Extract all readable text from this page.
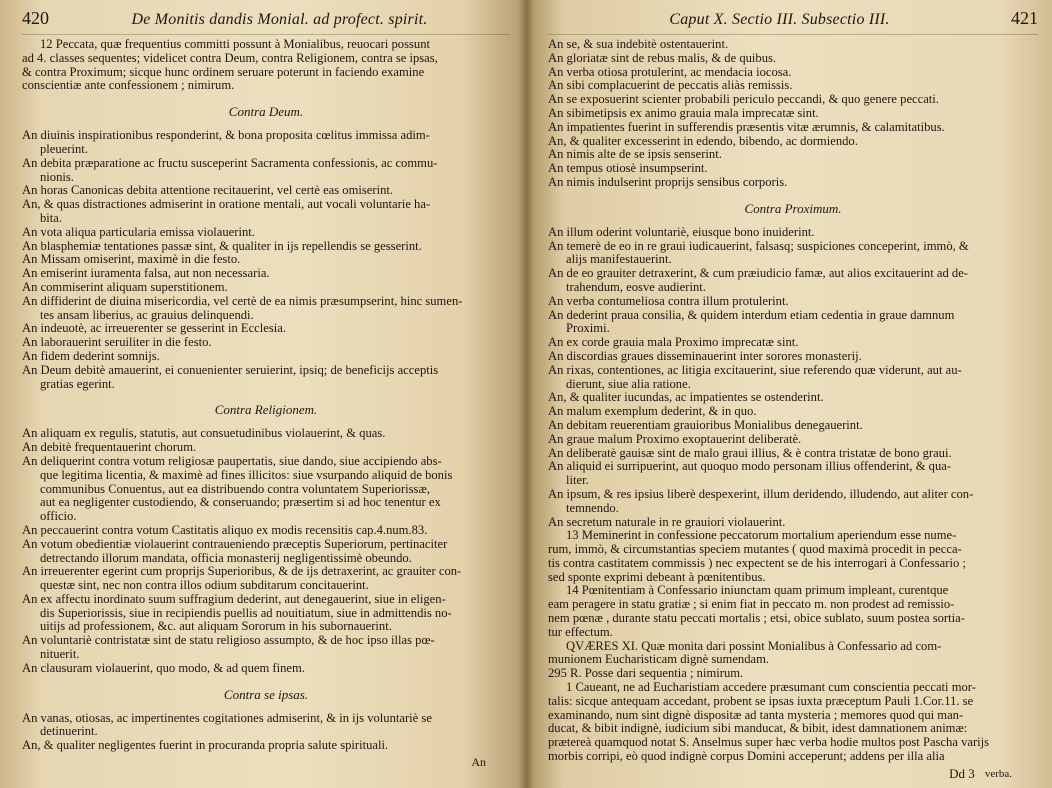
420	De Monitis dandis Monial. ad profect. spirit.
12 Peccata, quæ frequentius committi possunt à Monialibus, reuocari possunt
ad 4. classes sequentes; videlicet contra Deum, contra Religionem, contra se ipsas,
& contra Proximum; sicque hunc ordinem seruare poterunt in faciendo examine
conscientiæ ante confessionem ; nimirum.
Contra Deum.
An diuinis inspirationibus responderint, & bona proposita cœlitus immissa adim-
pleuerint.
An debita præparatione ac fructu susceperint Sacramenta confessionis, ac commu-
nionis.
An horas Canonicas debita attentione recitauerint, vel certè eas omiserint.
An, & quas distractiones admiserint in oratione mentali, aut vocali voluntarie ha-
bita.
An vota aliqua particularia emissa violauerint.
An blasphemiæ tentationes passæ sint, & qualiter in ijs repellendis se gesserint.
An Missam omiserint, maximè in die festo.
An emiserint iuramenta falsa, aut non necessaria.
An commiserint aliquam superstitionem.
An diffiderint de diuina misericordia, vel certè de ea nimis præsumpserint, hinc sumen-
tes ansam liberius, ac grauius delinquendi.
An indeuotè, ac irreuerenter se gesserint in Ecclesia.
An laborauerint seruiliter in die festo.
An fidem dederint somnijs.
An Deum debitè amauerint, ei conuenienter seruierint, ipsiq; de beneficijs acceptis
gratias egerint.
Contra Religionem.
An aliquam ex regulis, statutis, aut consuetudinibus violauerint, & quas.
An debitè frequentauerint chorum.
An deliquerint contra votum religiosæ paupertatis, siue dando, siue accipiendo abs-
que legitima licentia, & maximè ad fines illicitos: siue vsurpando aliquid de bonis
communibus Conuentus, aut ea distribuendo contra voluntatem Superiorissæ,
aut ea negligenter custodiendo, & conseruando; præsertim si ad hoc tenentur ex
officio.
An peccauerint contra votum Castitatis aliquo ex modis recensitis cap.4.num.83.
An votum obedientiæ violauerint contraueniendo præceptis Superiorum, pertinaciter
detrectando illorum mandata, officia monasterij negligentissimè obeundo.
An irreuerenter egerint cum proprijs Superioribus, & de ijs detraxerint, ac grauiter con-
questæ sint, nec non contra illos odium subditarum concitauerint.
An ex affectu inordinato suum suffragium dederint, aut denegauerint, siue in eligen-
dis Superiorissis, siue in recipiendis puellis ad nouitiatum, siue in admittendis no-
uitijs ad professionem, &c. aut aliquam Sororum in his subornauerint.
An voluntariè contristatæ sint de statu religioso assumpto, & de hoc ipso illas pœ-
nituerit.
An clausuram violauerint, quo modo, & ad quem finem.
Contra se ipsas.
An vanas, otiosas, ac impertinentes cogitationes admiserint, & in ijs voluntariè se
detinuerint.
An, & qualiter negligentes fuerint in procuranda propria salute spirituali.
An
Caput X. Sectio III. Subsectio III.	421
An se, & sua indebitè ostentauerint.
An gloriatæ sint de rebus malis, & de quibus.
An verba otiosa protulerint, ac mendacia iocosa.
An sibi complacuerint de peccatis aliàs remissis.
An se exposuerint scienter probabili periculo peccandi, & quo genere peccati.
An sibimetipsis ex animo grauia mala imprecatæ sint.
An impatientes fuerint in sufferendis præsentis vitæ ærumnis, & calamitatibus.
An, & qualiter excesserint in edendo, bibendo, ac dormiendo.
An nimis alte de se ipsis senserint.
An tempus otiosè insumpserint.
An nimis indulserint proprijs sensibus corporis.
Contra Proximum.
An illum oderint voluntariè, eiusque bono inuiderint.
An temerè de eo in re graui iudicauerint, falsasq; suspiciones conceperint, immò, &
alijs manifestauerint.
An de eo grauiter detraxerint, & cum præiudicio famæ, aut alios excitauerint ad de-
trahendum, eosve audierint.
An verba contumeliosa contra illum protulerint.
An dederint praua consilia, & quidem interdum etiam cedentia in graue damnum
Proximi.
An ex corde grauia mala Proximo imprecatæ sint.
An discordias graues disseminauerint inter sorores monasterij.
An rixas, contentiones, ac litigia excitauerint, siue referendo quæ viderunt, aut au-
dierunt, siue alia ratione.
An, & qualiter iucundas, ac impatientes se ostenderint.
An malum exemplum dederint, & in quo.
An debitam reuerentiam grauioribus Monialibus denegauerint.
An graue malum Proximo exoptauerint deliberatè.
An deliberatè gauisæ sint de malo graui illius, & è contra tristatæ de bono graui.
An aliquid ei surripuerint, aut quoquo modo personam illius offenderint, & qua-
liter.
An ipsum, & res ipsius liberè despexerint, illum deridendo, illudendo, aut aliter con-
temnendo.
An secretum naturale in re grauiori violauerint.
13 Meminerint in confessione peccatorum mortalium aperiendum esse nume-
rum, immò, & circumstantias speciem mutantes ( quod maximà procedit in pecca-
tis contra castitatem commissis ) nec expectent se de his interrogari à Confessario ;
sed sponte exprimi debeant à pœnitentibus.
14 Pœnitentiam à Confessario iniunctam quam primum impleant, curentque
eam peragere in statu gratiæ ; si enim fiat in peccato m. non prodest ad remissio-
nem pœnæ , durante statu peccati mortalis ; etsi, obice sublato, suum postea sortia-
tur effectum.
QVÆRES XI. Quæ monita dari possint Monialibus à Confessario ad com-
munionem Eucharisticam dignè sumendam.
295 R. Posse dari sequentia ; nimirum.
1 Caueant, ne ad Eucharistiam accedere præsumant cum conscientia peccati mor-
talis: sicque antequam accedant, probent se ipsas iuxta præceptum Pauli 1.Cor.11. se
examinando, num sint dignè dispositæ ad tanta mysteria ; memores quod qui man-
ducat, & bibit indignè, iudicium sibi manducat, & bibit, idest damnationem animæ:
prætereà quamquod notat S. Anselmus super hæc verba hodie multos post Pascha varijs
morbis corripi, eò quod indignè corpus Domini acceperunt; addens per illa alia
Dd 3 verba.
